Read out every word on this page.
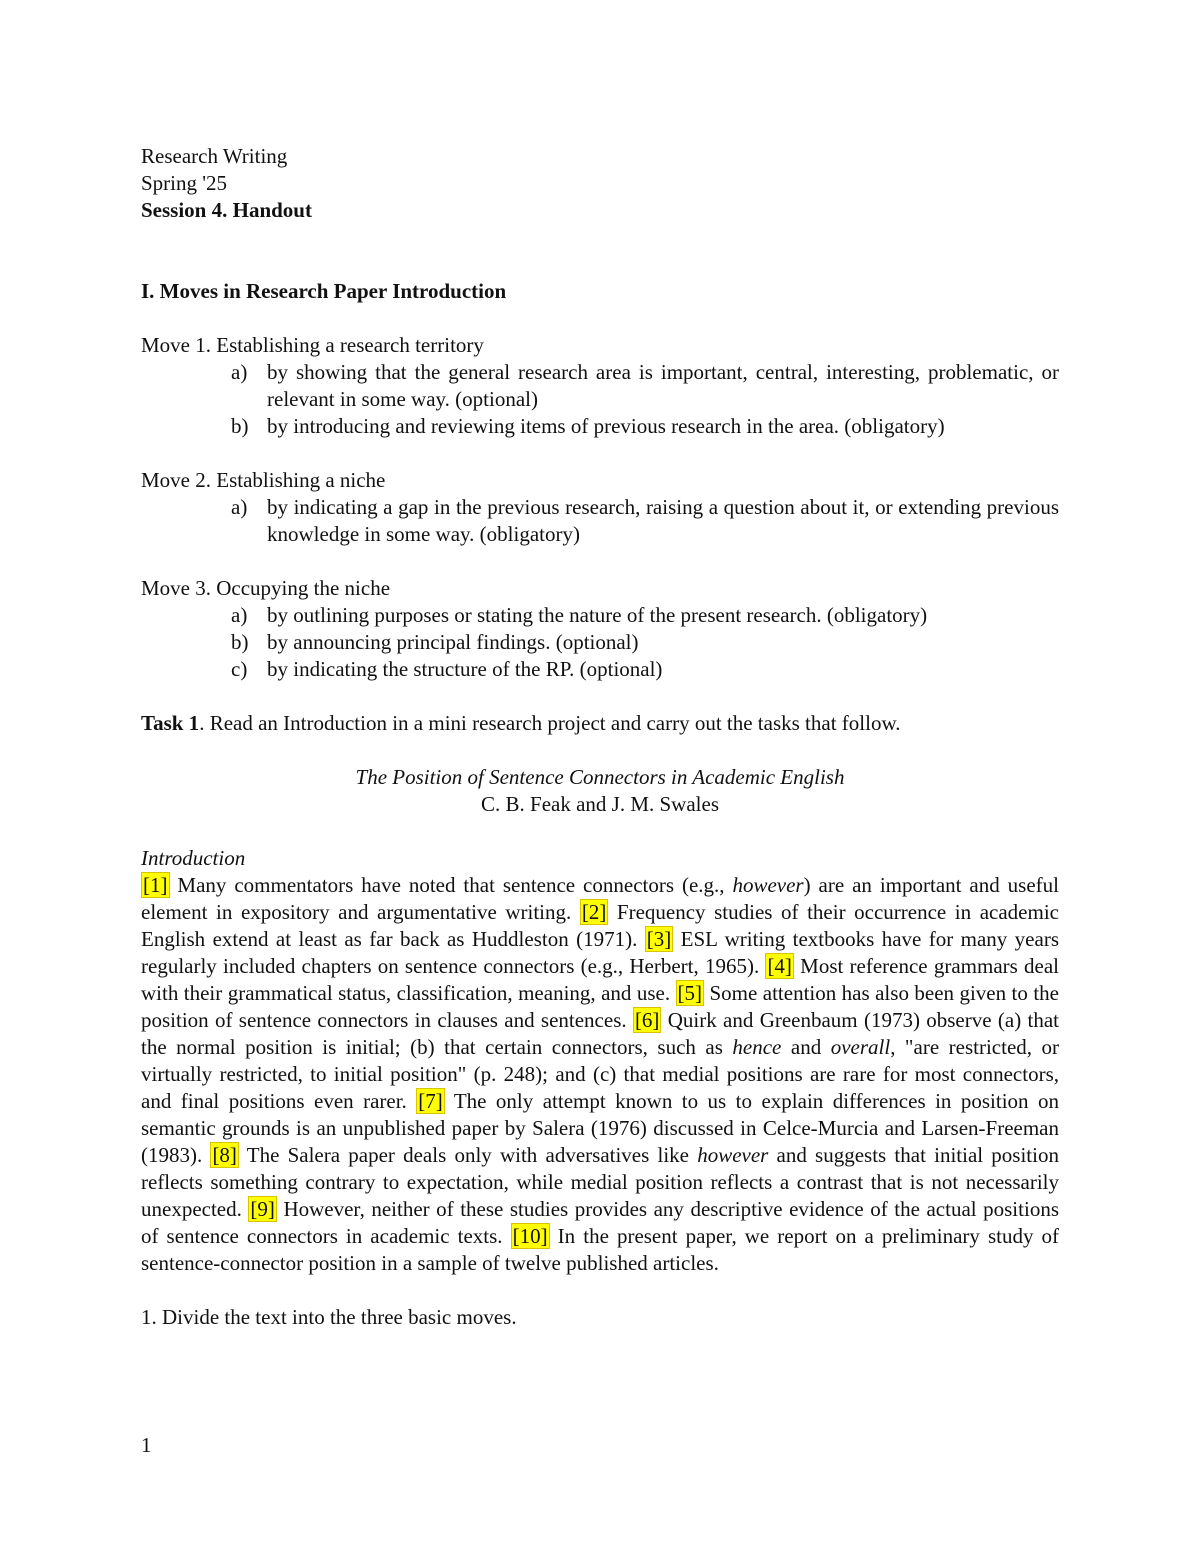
Research Writing
Spring '25
Session 4. Handout
I. Moves in Research Paper Introduction
Move 1. Establishing a research territory
a) by showing that the general research area is important, central, interesting, problematic, or relevant in some way. (optional)
b) by introducing and reviewing items of previous research in the area. (obligatory)
Move 2. Establishing a niche
a) by indicating a gap in the previous research, raising a question about it, or extending previous knowledge in some way. (obligatory)
Move 3. Occupying the niche
a) by outlining purposes or stating the nature of the present research. (obligatory)
b) by announcing principal findings. (optional)
c) by indicating the structure of the RP. (optional)
Task 1. Read an Introduction in a mini research project and carry out the tasks that follow.
The Position of Sentence Connectors in Academic English
C. B. Feak and J. M. Swales
Introduction
[1] Many commentators have noted that sentence connectors (e.g., however) are an important and useful element in expository and argumentative writing. [2] Frequency studies of their occurrence in academic English extend at least as far back as Huddleston (1971). [3] ESL writing textbooks have for many years regularly included chapters on sentence connectors (e.g., Herbert, 1965). [4] Most reference grammars deal with their grammatical status, classification, meaning, and use. [5] Some attention has also been given to the position of sentence connectors in clauses and sentences. [6] Quirk and Greenbaum (1973) observe (a) that the normal position is initial; (b) that certain connectors, such as hence and overall, "are restricted, or virtually restricted, to initial position" (p. 248); and (c) that medial positions are rare for most connectors, and final positions even rarer. [7] The only attempt known to us to explain differences in position on semantic grounds is an unpublished paper by Salera (1976) discussed in Celce-Murcia and Larsen-Freeman (1983). [8] The Salera paper deals only with adversatives like however and suggests that initial position reflects something contrary to expectation, while medial position reflects a contrast that is not necessarily unexpected. [9] However, neither of these studies provides any descriptive evidence of the actual positions of sentence connectors in academic texts. [10] In the present paper, we report on a preliminary study of sentence-connector position in a sample of twelve published articles.
1. Divide the text into the three basic moves.
1
